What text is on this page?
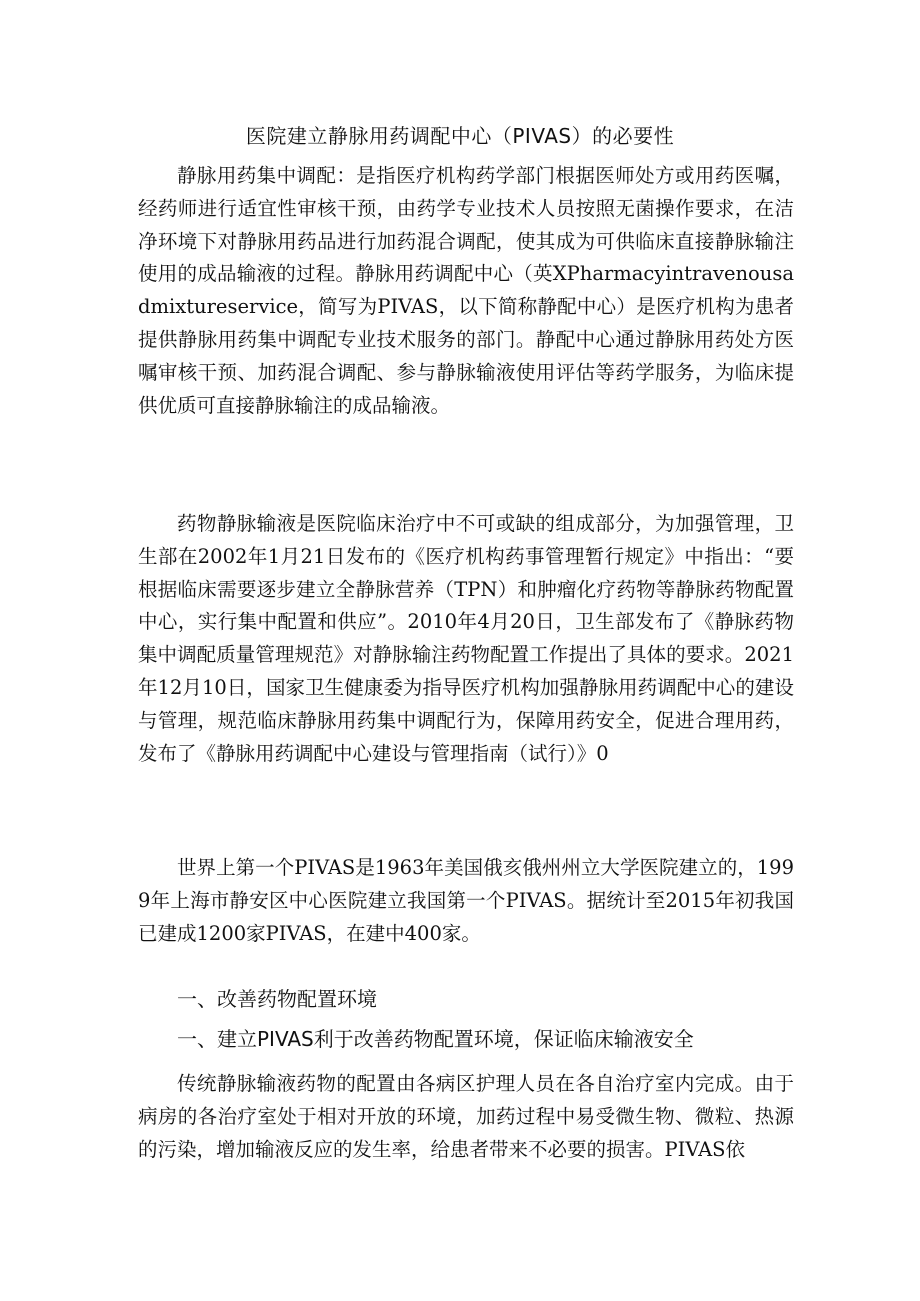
医院建立静脉用药调配中心（PIVAS）的必要性

静脉用药集中调配：是指医疗机构药学部门根据医师处方或用药医嘱，经药师进行适宜性审核干预，由药学专业技术人员按照无菌操作要求，在洁净环境下对静脉用药品进行加药混合调配，使其成为可供临床直接静脉输注使用的成品输液的过程。静脉用药调配中心（英XPharmacyintravenousadmixtureservice，简写为PIVAS，以下简称静配中心）是医疗机构为患者提供静脉用药集中调配专业技术服务的部门。静配中心通过静脉用药处方医嘱审核干预、加药混合调配、参与静脉输液使用评估等药学服务，为临床提供优质可直接静脉输注的成品输液。

药物静脉输液是医院临床治疗中不可或缺的组成部分，为加强管理，卫生部在2002年1月21日发布的《医疗机构药事管理暂行规定》中指出：“要根据临床需要逐步建立全静脉营养（TPN）和肿瘤化疗药物等静脉药物配置中心，实行集中配置和供应”。2010年4月20日，卫生部发布了《静脉药物集中调配质量管理规范》对静脉输注药物配置工作提出了具体的要求。2021年12月10日，国家卫生健康委为指导医疗机构加强静脉用药调配中心的建设与管理，规范临床静脉用药集中调配行为，保障用药安全，促进合理用药，发布了《静脉用药调配中心建设与管理指南（试行）》0

世界上第一个PIVAS是1963年美国俄亥俄州州立大学医院建立的，1999年上海市静安区中心医院建立我国第一个PIVAS。据统计至2015年初我国已建成1200家PIVAS，在建中400家。

一、改善药物配置环境
一、建立PIVAS利于改善药物配置环境，保证临床输液安全

传统静脉输液药物的配置由各病区护理人员在各自治疗室内完成。由于病房的各治疗室处于相对开放的环境，加药过程中易受微生物、微粒、热源的污染，增加输液反应的发生率，给患者带来不必要的损害。PIVAS依
